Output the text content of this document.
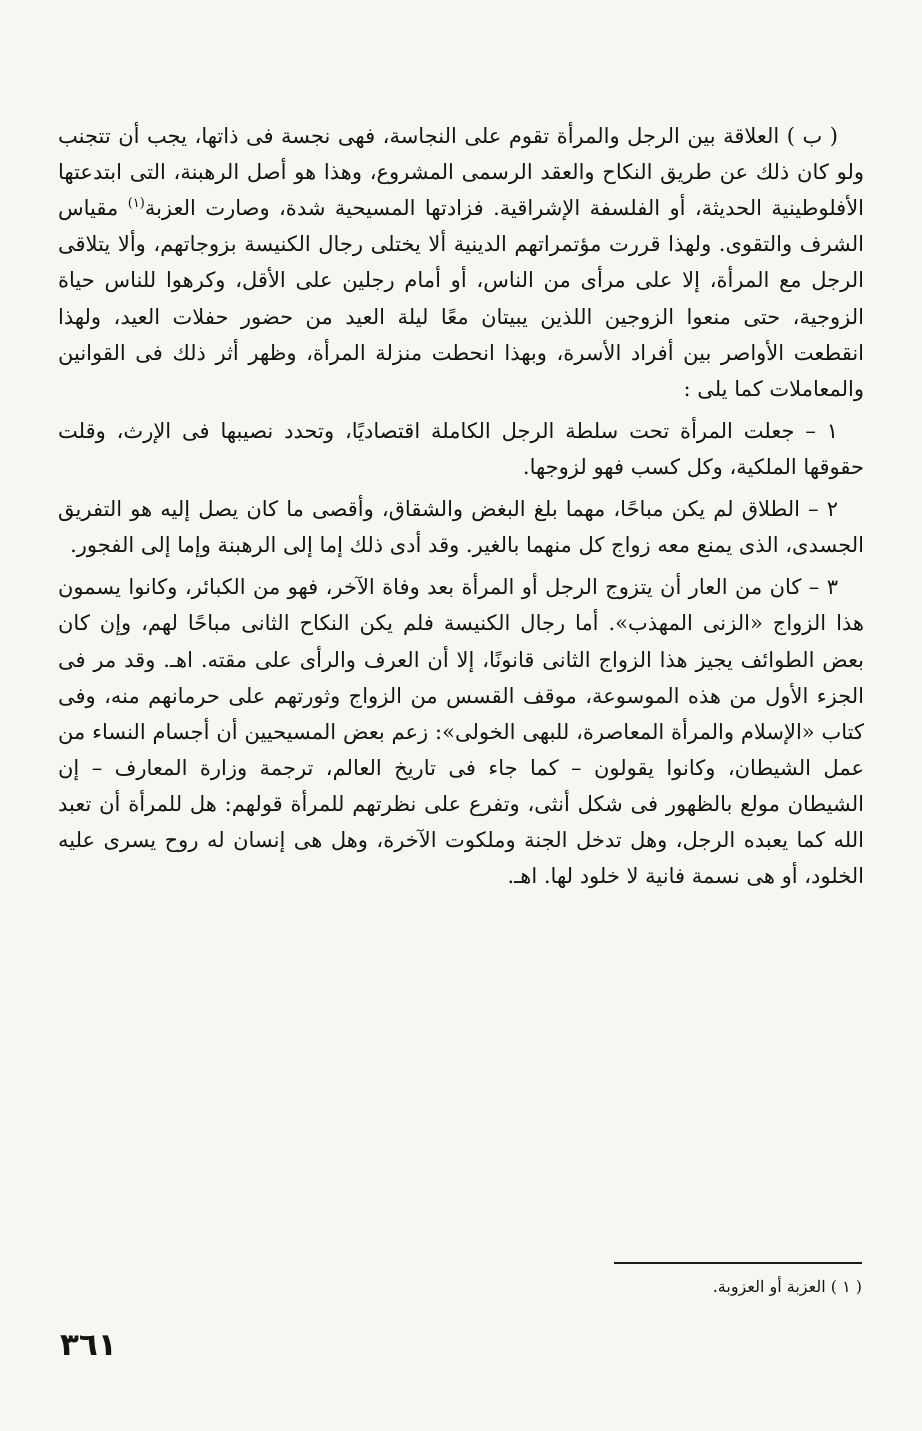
( ب ) العلاقة بين الرجل والمرأة تقوم على النجاسة، فهى نجسة فى ذاتها، يجب أن تتجنب ولو كان ذلك عن طريق النكاح والعقد الرسمى المشروع، وهذا هو أصل الرهبنة، التى ابتدعتها الأفلوطينية الحديثة، أو الفلسفة الإشراقية. فزادتها المسيحية شدة، وصارت العزبة$^{(١)}$ مقياس الشرف والتقوى. ولهذا قررت مؤتمراتهم الدينية ألا يختلى رجال الكنيسة بزوجاتهم، وألا يتلاقى الرجل مع المرأة، إلا على مرأى من الناس، أو أمام رجلين على الأقل، وكرهوا للناس حياة الزوجية، حتى منعوا الزوجين اللذين يبيتان معًا ليلة العيد من حضور حفلات العيد، ولهذا انقطعت الأواصر بين أفراد الأسرة، وبهذا انحطت منزلة المرأة، وظهر أثر ذلك فى القوانين والمعاملات كما يلى :

١ – جعلت المرأة تحت سلطة الرجل الكاملة اقتصاديًا، وتحدد نصيبها فى الإرث، وقلت حقوقها الملكية، وكل كسب فهو لزوجها.

٢ – الطلاق لم يكن مباحًا، مهما بلغ البغض والشقاق، وأقصى ما كان يصل إليه هو التفريق الجسدى، الذى يمنع معه زواج كل منهما بالغير. وقد أدى ذلك إما إلى الرهبنة وإما إلى الفجور.

٣ – كان من العار أن يتزوج الرجل أو المرأة بعد وفاة الآخر، فهو من الكبائر، وكانوا يسمون هذا الزواج «الزنى المهذب». أما رجال الكنيسة فلم يكن النكاح الثانى مباحًا لهم، وإن كان بعض الطوائف يجيز هذا الزواج الثانى قانونًا، إلا أن العرف والرأى على مقته. اهـ. وقد مر فى الجزء الأول من هذه الموسوعة، موقف القسس من الزواج وثورتهم على حرمانهم منه، وفى كتاب «الإسلام والمرأة المعاصرة، للبهى الخولى»: زعم بعض المسيحيين أن أجسام النساء من عمل الشيطان، وكانوا يقولون – كما جاء فى تاريخ العالم، ترجمة وزارة المعارف – إن الشيطان مولع بالظهور فى شكل أنثى، وتفرع على نظرتهم للمرأة قولهم: هل للمرأة أن تعبد الله كما يعبده الرجل، وهل تدخل الجنة وملكوت الآخرة، وهل هى إنسان له روح يسرى عليه الخلود، أو هى نسمة فانية لا خلود لها. اهـ.

( ١ ) العزبة أو العزوبة.
٣٦١
